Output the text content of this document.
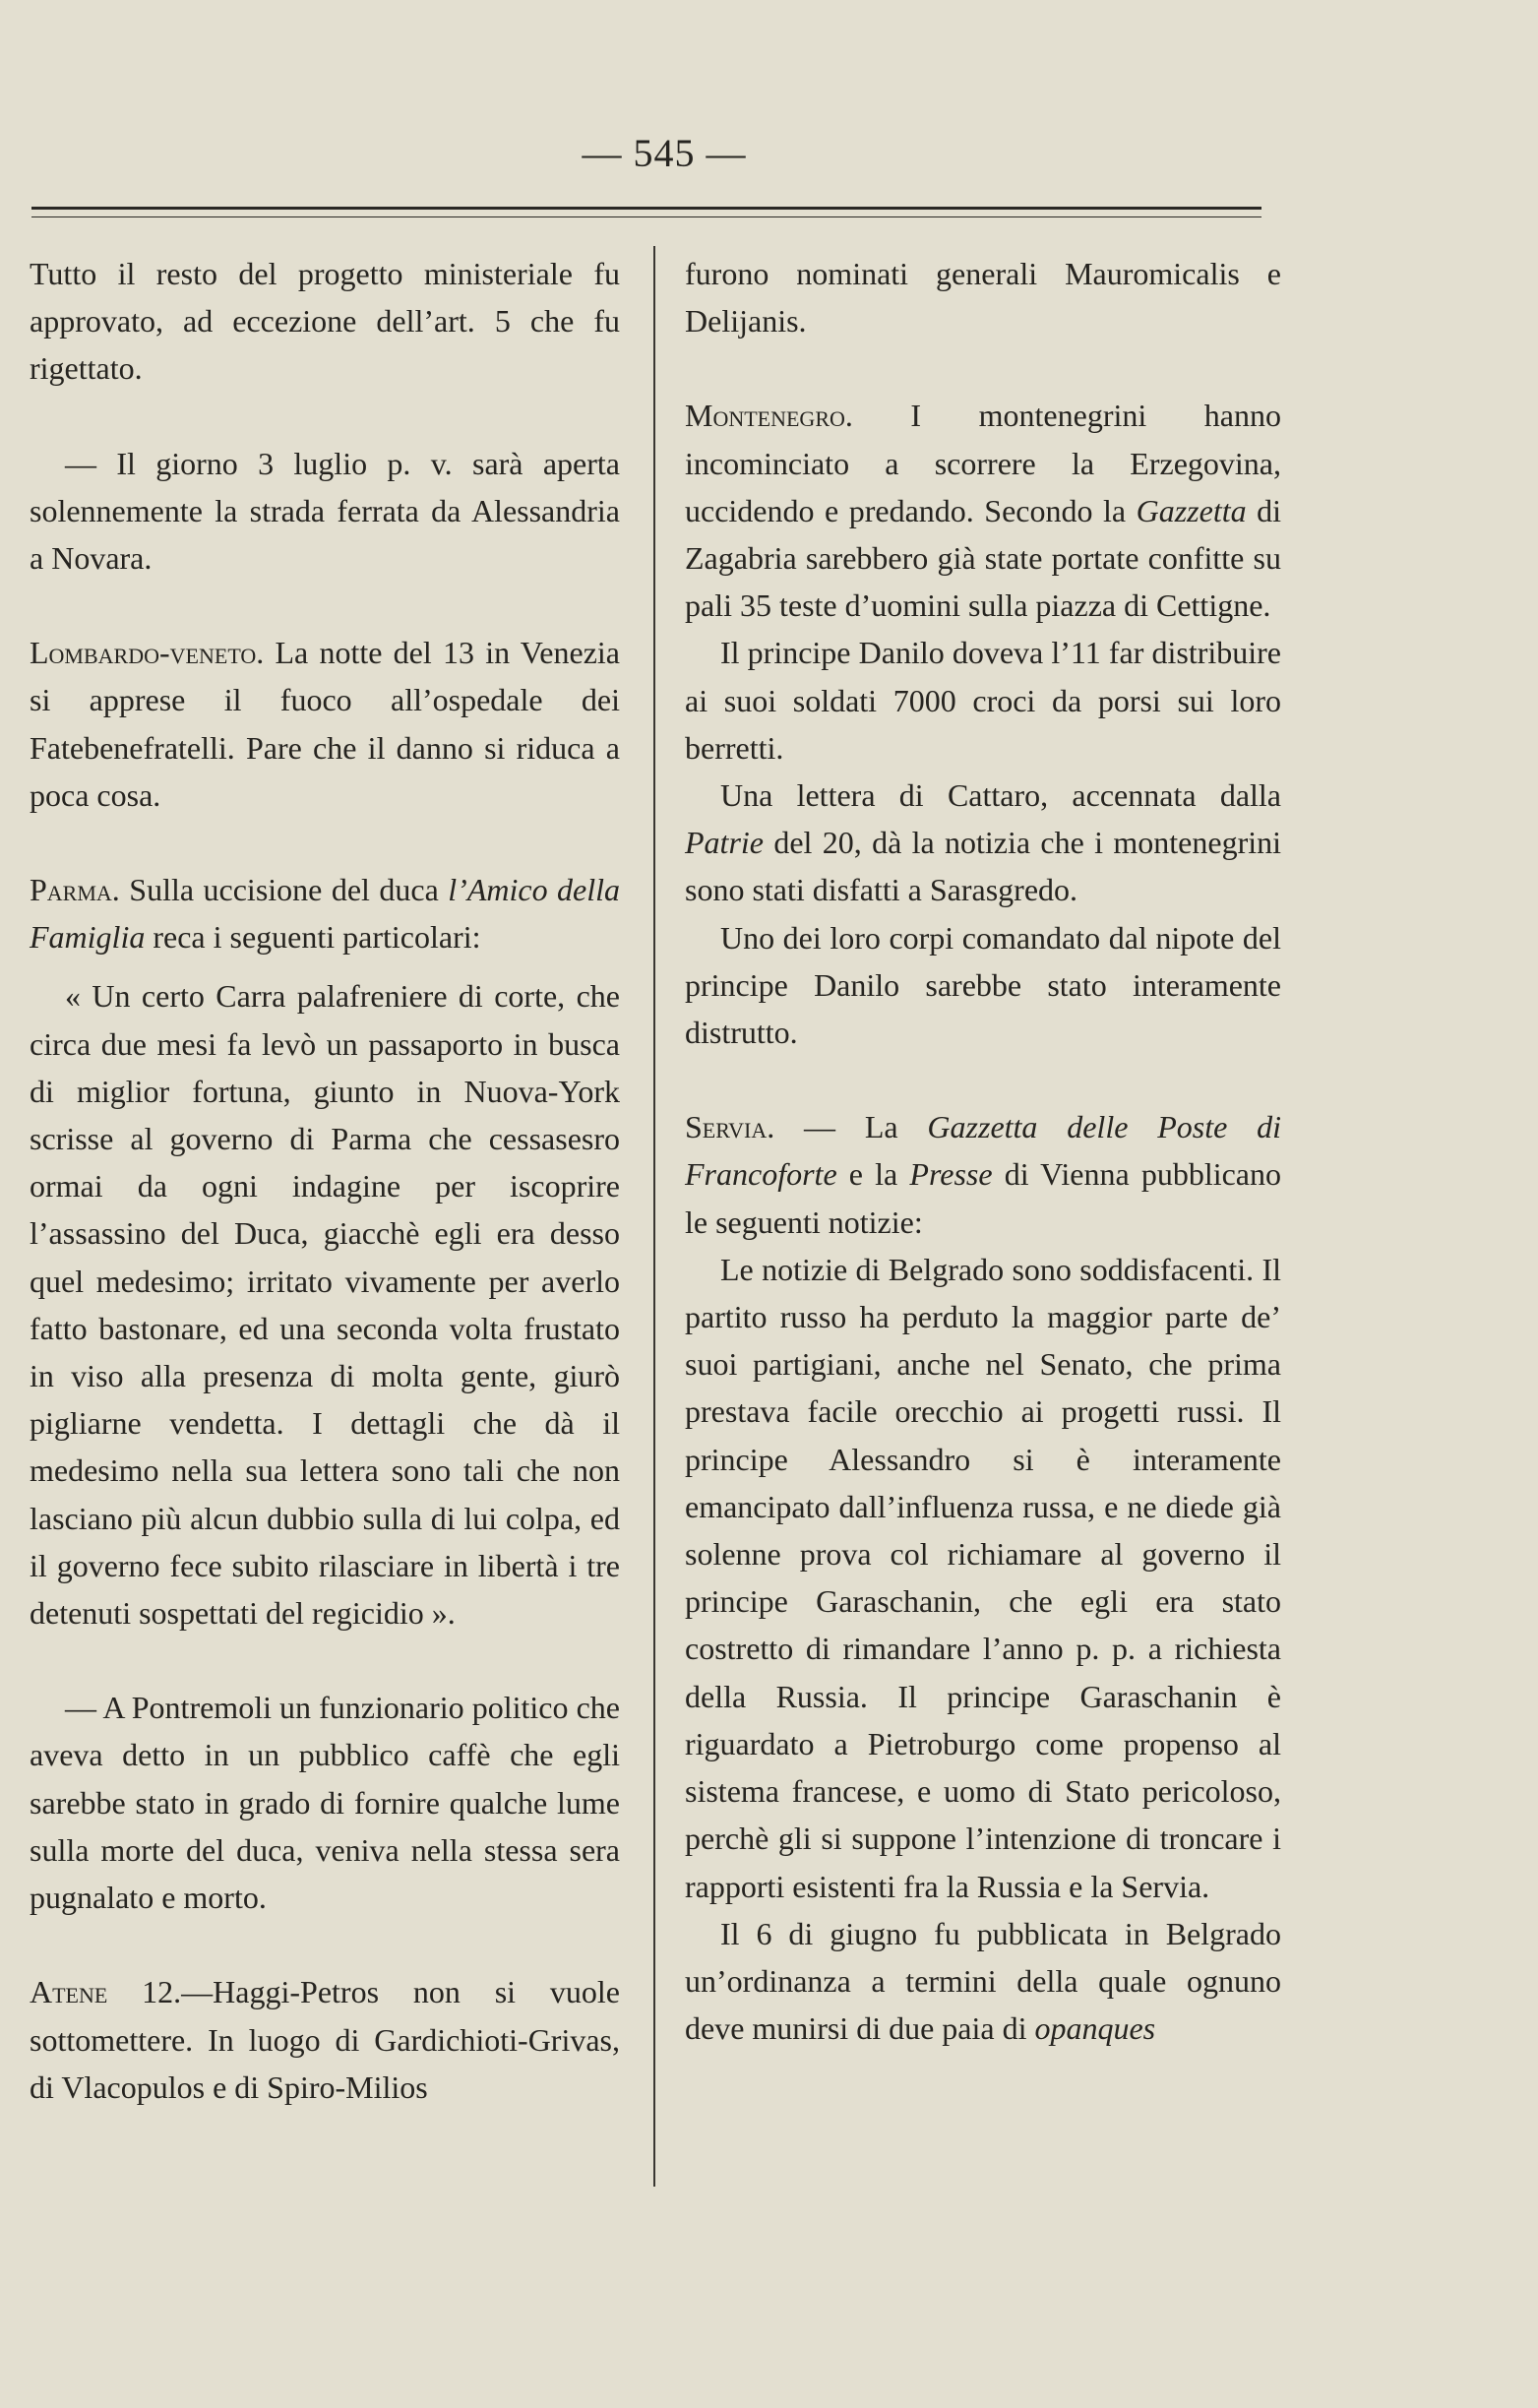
— 545 —

Tutto il resto del progetto ministeriale fu approvato, ad eccezione dell’art. 5 che fu rigettato.

— Il giorno 3 luglio p. v. sarà aperta solennemente la strada ferrata da Alessandria a Novara.

Lombardo-veneto. La notte del 13 in Venezia si apprese il fuoco all’ospedale dei Fatebenefratelli. Pare che il danno si riduca a poca cosa.

Parma. Sulla uccisione del duca l’Amico della Famiglia reca i seguenti particolari:

« Un certo Carra palafreniere di corte, che circa due mesi fa levò un passaporto in busca di miglior fortuna, giunto in Nuova-York scrisse al governo di Parma che cessasesro ormai da ogni indagine per iscoprire l’assassino del Duca, giacchè egli era desso quel medesimo; irritato vivamente per averlo fatto bastonare, ed una seconda volta frustato in viso alla presenza di molta gente, giurò pigliarne vendetta. I dettagli che dà il medesimo nella sua lettera sono tali che non lasciano più alcun dubbio sulla di lui colpa, ed il governo fece subito rilasciare in libertà i tre detenuti sospettati del regicidio ».

— A Pontremoli un funzionario politico che aveva detto in un pubblico caffè che egli sarebbe stato in grado di fornire qualche lume sulla morte del duca, veniva nella stessa sera pugnalato e morto.

Atene 12.—Haggi-Petros non si vuole sottomettere. In luogo di Gardichioti-Grivas, di Vlacopulos e di Spiro-Milios

furono nominati generali Mauromicalis e Delijanis.

Montenegro. I montenegrini hanno incominciato a scorrere la Erzegovina, uccidendo e predando. Secondo la Gazzetta di Zagabria sarebbero già state portate confitte su pali 35 teste d’uomini sulla piazza di Cettigne.

Il principe Danilo doveva l’11 far distribuire ai suoi soldati 7000 croci da porsi sui loro berretti.

Una lettera di Cattaro, accennata dalla Patrie del 20, dà la notizia che i montenegrini sono stati disfatti a Sarasgredo.

Uno dei loro corpi comandato dal nipote del principe Danilo sarebbe stato interamente distrutto.

Servia. — La Gazzetta delle Poste di Francoforte e la Presse di Vienna pubblicano le seguenti notizie:

Le notizie di Belgrado sono soddisfacenti. Il partito russo ha perduto la maggior parte de’ suoi partigiani, anche nel Senato, che prima prestava facile orecchio ai progetti russi. Il principe Alessandro si è interamente emancipato dall’influenza russa, e ne diede già solenne prova col richiamare al governo il principe Garaschanin, che egli era stato costretto di rimandare l’anno p. p. a richiesta della Russia. Il principe Garaschanin è riguardato a Pietroburgo come propenso al sistema francese, e uomo di Stato pericoloso, perchè gli si suppone l’intenzione di troncare i rapporti esistenti fra la Russia e la Servia.

Il 6 di giugno fu pubblicata in Belgrado un’ordinanza a termini della quale ognuno deve munirsi di due paia di opanques
